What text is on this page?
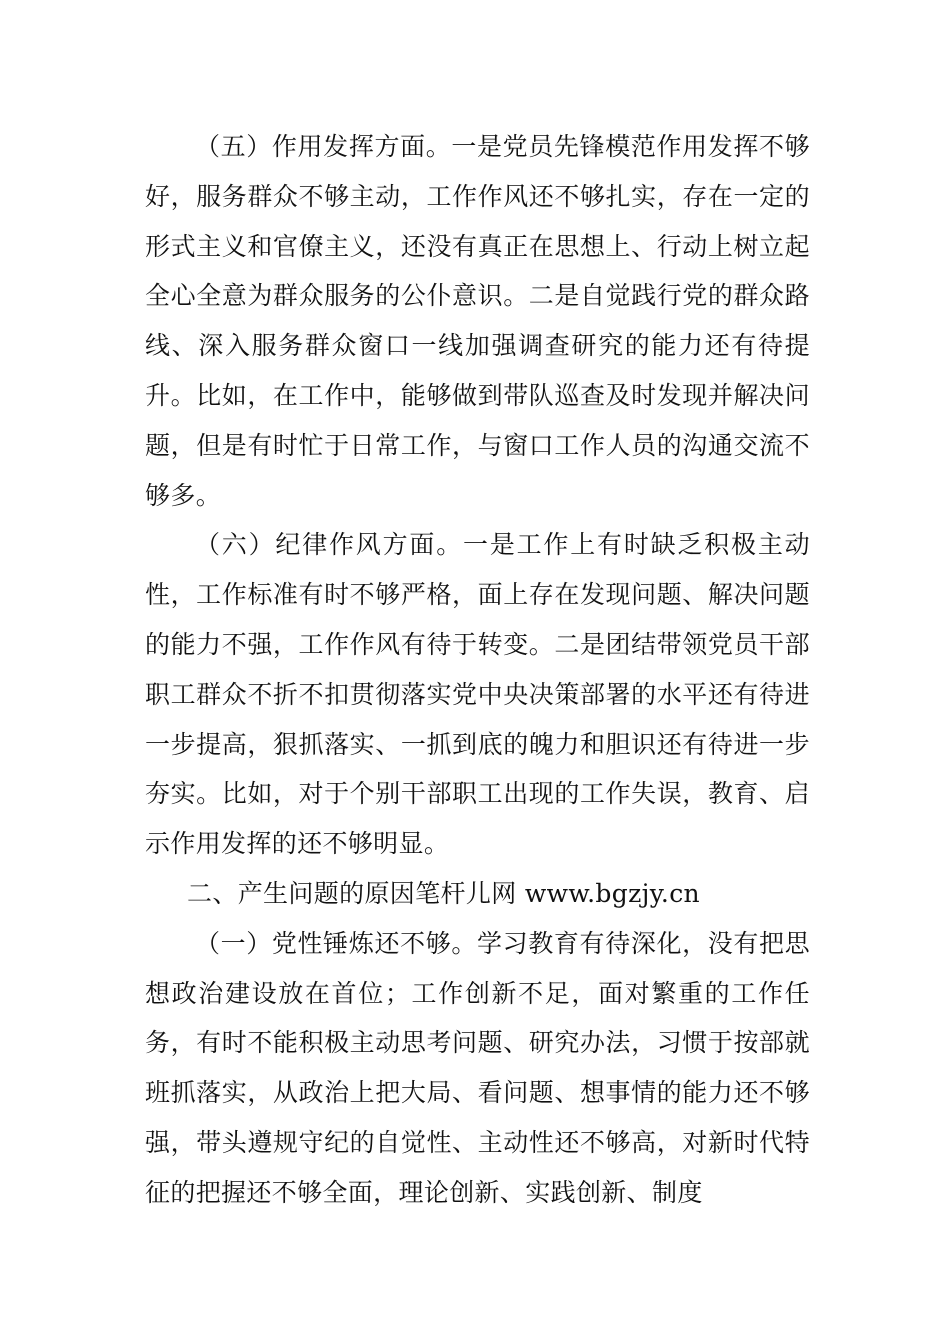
（五）作用发挥方面。一是党员先锋模范作用发挥不够好，服务群众不够主动，工作作风还不够扎实，存在一定的形式主义和官僚主义，还没有真正在思想上、行动上树立起全心全意为群众服务的公仆意识。二是自觉践行党的群众路线、深入服务群众窗口一线加强调查研究的能力还有待提升。比如，在工作中，能够做到带队巡查及时发现并解决问题，但是有时忙于日常工作，与窗口工作人员的沟通交流不够多。

（六）纪律作风方面。一是工作上有时缺乏积极主动性，工作标准有时不够严格，面上存在发现问题、解决问题的能力不强，工作作风有待于转变。二是团结带领党员干部职工群众不折不扣贯彻落实党中央决策部署的水平还有待进一步提高，狠抓落实、一抓到底的魄力和胆识还有待进一步夯实。比如，对于个别干部职工出现的工作失误，教育、启示作用发挥的还不够明显。

二、产生问题的原因笔杆儿网 www.bgzjy.cn

（一）党性锤炼还不够。学习教育有待深化，没有把思想政治建设放在首位；工作创新不足，面对繁重的工作任务，有时不能积极主动思考问题、研究办法，习惯于按部就班抓落实，从政治上把大局、看问题、想事情的能力还不够强，带头遵规守纪的自觉性、主动性还不够高，对新时代特征的把握还不够全面，理论创新、实践创新、制度
